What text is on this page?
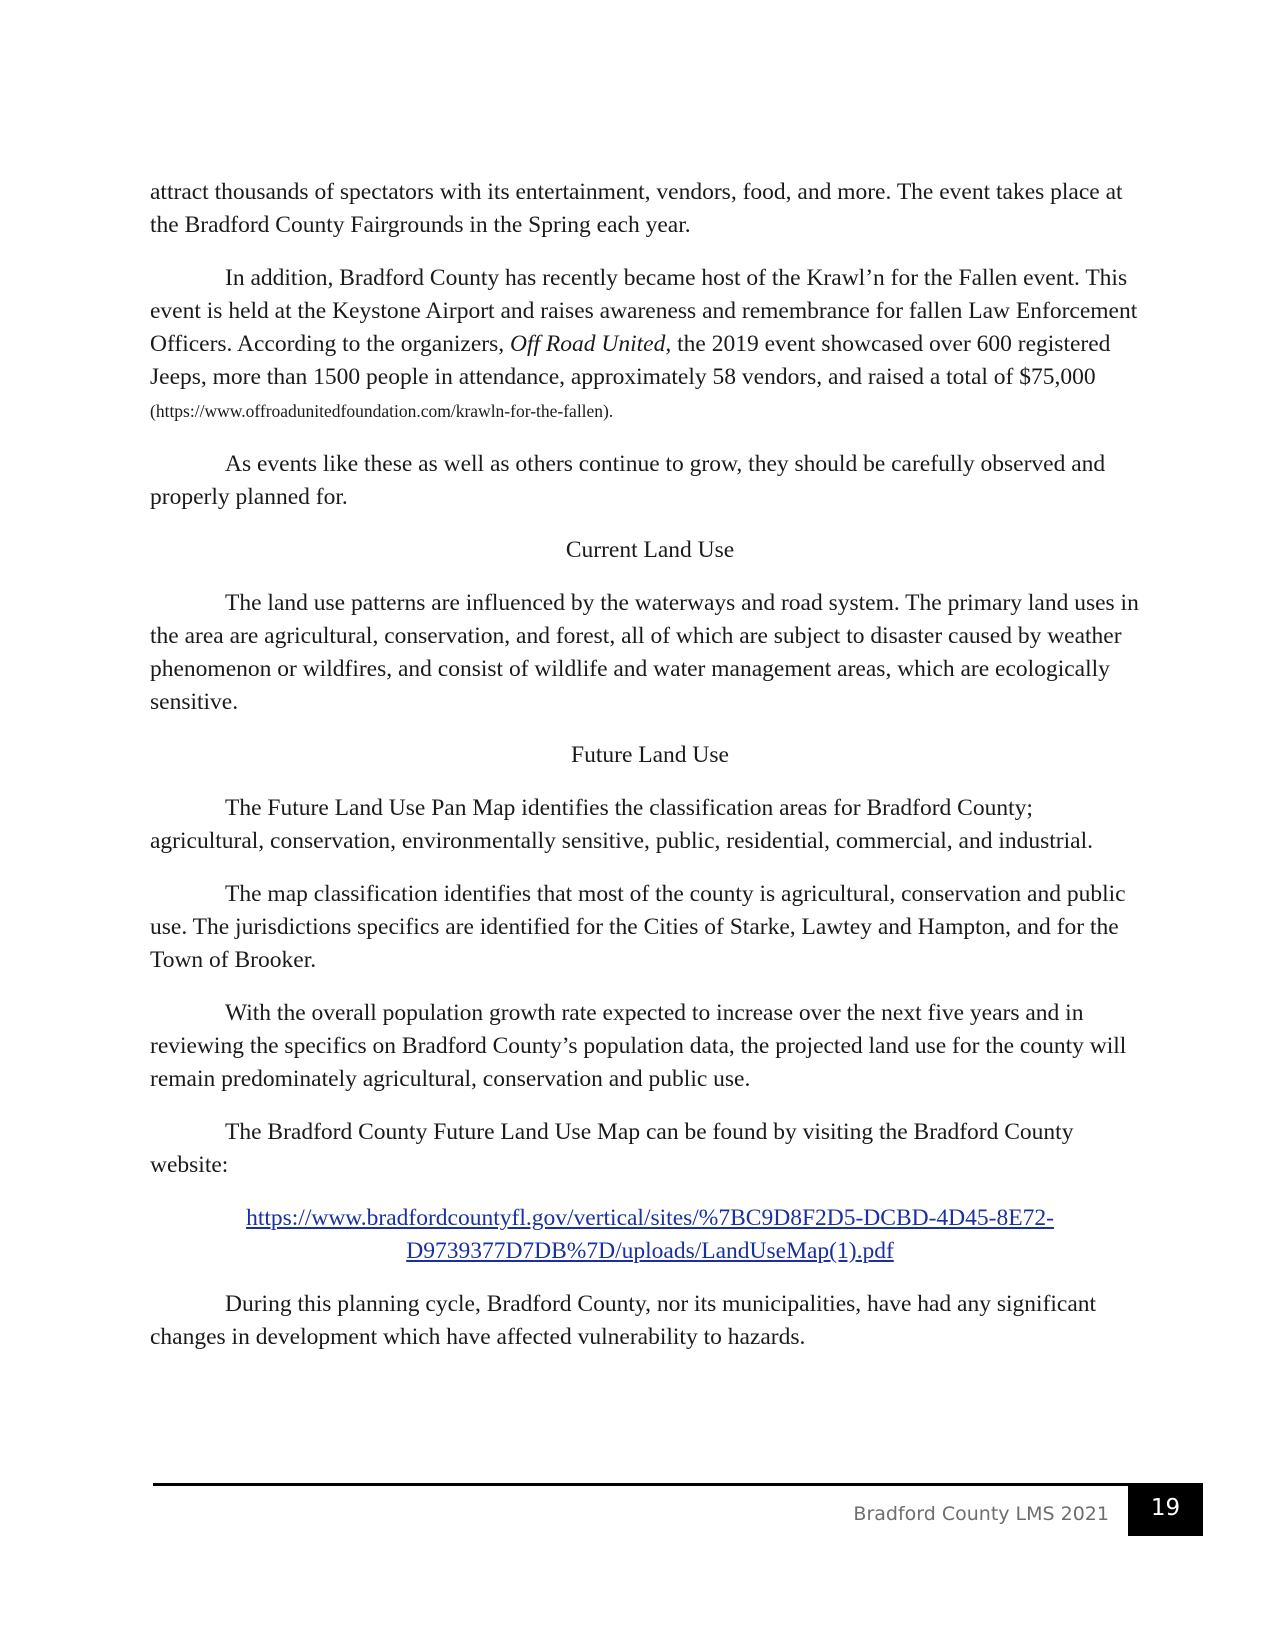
attract thousands of spectators with its entertainment, vendors, food, and more. The event takes place at the Bradford County Fairgrounds in the Spring each year.

In addition, Bradford County has recently became host of the Krawl’n for the Fallen event. This event is held at the Keystone Airport and raises awareness and remembrance for fallen Law Enforcement Officers. According to the organizers, Off Road United, the 2019 event showcased over 600 registered Jeeps, more than 1500 people in attendance, approximately 58 vendors, and raised a total of $75,000 (https://www.offroadunitedfoundation.com/krawln-for-the-fallen).

As events like these as well as others continue to grow, they should be carefully observed and properly planned for.

Current Land Use

The land use patterns are influenced by the waterways and road system. The primary land uses in the area are agricultural, conservation, and forest, all of which are subject to disaster caused by weather phenomenon or wildfires, and consist of wildlife and water management areas, which are ecologically sensitive.

Future Land Use

The Future Land Use Pan Map identifies the classification areas for Bradford County; agricultural, conservation, environmentally sensitive, public, residential, commercial, and industrial.

The map classification identifies that most of the county is agricultural, conservation and public use. The jurisdictions specifics are identified for the Cities of Starke, Lawtey and Hampton, and for the Town of Brooker.

With the overall population growth rate expected to increase over the next five years and in reviewing the specifics on Bradford County’s population data, the projected land use for the county will remain predominately agricultural, conservation and public use.

The Bradford County Future Land Use Map can be found by visiting the Bradford County website:

https://www.bradfordcountyfl.gov/vertical/sites/%7BC9D8F2D5-DCBD-4D45-8E72-
D9739377D7DB%7D/uploads/LandUseMap(1).pdf

During this planning cycle, Bradford County, nor its municipalities, have had any significant changes in development which have affected vulnerability to hazards.

Bradford County LMS 2021	19
